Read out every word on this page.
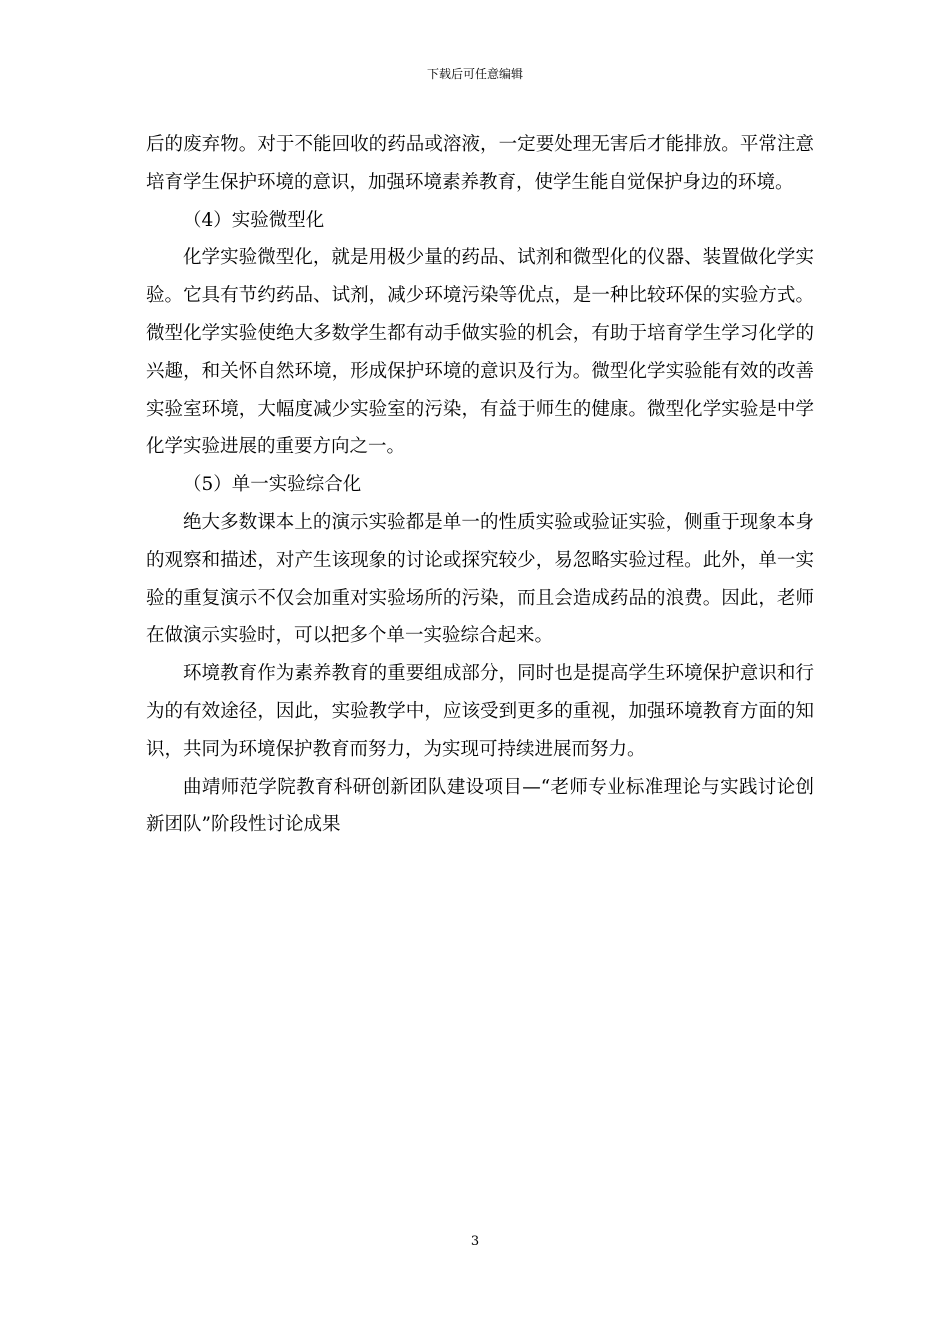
下载后可任意编辑

后的废弃物。对于不能回收的药品或溶液，一定要处理无害后才能排放。平常注意培育学生保护环境的意识，加强环境素养教育，使学生能自觉保护身边的环境。

（4）实验微型化

化学实验微型化，就是用极少量的药品、试剂和微型化的仪器、装置做化学实验。它具有节约药品、试剂，减少环境污染等优点，是一种比较环保的实验方式。微型化学实验使绝大多数学生都有动手做实验的机会，有助于培育学生学习化学的兴趣，和关怀自然环境，形成保护环境的意识及行为。微型化学实验能有效的改善实验室环境，大幅度减少实验室的污染，有益于师生的健康。微型化学实验是中学化学实验进展的重要方向之一。

（5）单一实验综合化

绝大多数课本上的演示实验都是单一的性质实验或验证实验，侧重于现象本身的观察和描述，对产生该现象的讨论或探究较少，易忽略实验过程。此外，单一实验的重复演示不仅会加重对实验场所的污染，而且会造成药品的浪费。因此，老师在做演示实验时，可以把多个单一实验综合起来。

环境教育作为素养教育的重要组成部分，同时也是提高学生环境保护意识和行为的有效途径，因此，实验教学中，应该受到更多的重视，加强环境教育方面的知识，共同为环境保护教育而努力，为实现可持续进展而努力。

曲靖师范学院教育科研创新团队建设项目—“老师专业标准理论与实践讨论创新团队”阶段性讨论成果

3
